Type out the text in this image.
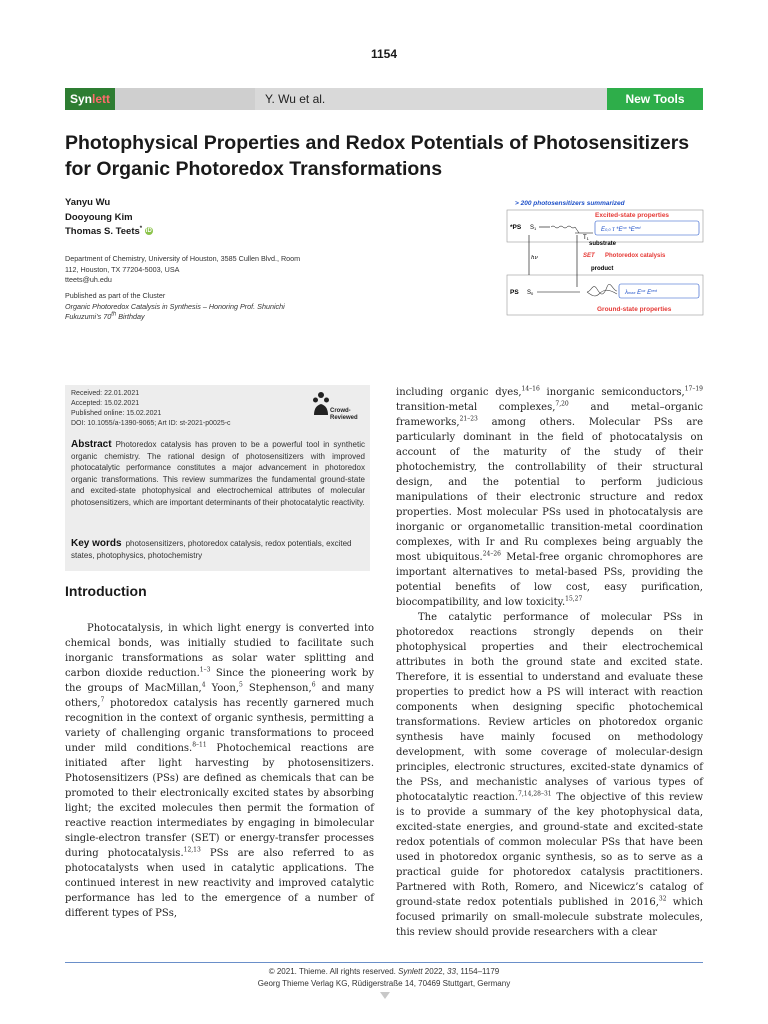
1154
Synlett	Y. Wu et al.	New Tools
Photophysical Properties and Redox Potentials of Photosensitizers for Organic Photoredox Transformations
Yanyu Wu
Dooyoung Kim
Thomas S. Teets* iD
Department of Chemistry, University of Houston, 3585 Cullen Blvd., Room 112, Houston, TX 77204-5003, USA
tteets@uh.edu
Published as part of the Cluster
Organic Photoredox Catalysis in Synthesis – Honoring Prof. Shunichi Fukuzumi’s 70th Birthday
> 200 photosensitizers summarized
Excited-state properties
*PS S1
T1
E0,0 τ $*E^{ox}$ $*E^{red}$
hν
substrate
SET Photoredox catalysis
product
PS S0	λmax $E^{ox}$ $E^{red}$
Ground-state properties
Received: 22.01.2021
Accepted: 15.02.2021
Published online: 15.02.2021
DOI: 10.1055/a-1390-9065; Art ID: st-2021-p0025-c
Crowd-Reviewed
Abstract Photoredox catalysis has proven to be a powerful tool in synthetic organic chemistry. The rational design of photosensitizers with improved photocatalytic performance constitutes a major advancement in photoredox organic transformations. This review summarizes the fundamental ground-state and excited-state photophysical and electrochemical attributes of molecular photosensitizers, which are important determinants of their photocatalytic reactivity.
Key words photosensitizers, photoredox catalysis, redox potentials, excited states, photophysics, photochemistry
Introduction

Photocatalysis, in which light energy is converted into chemical bonds, was initially studied to facilitate such inorganic transformations as solar water splitting and carbon dioxide reduction.$^{1-3}$ Since the pioneering work by the groups of MacMillan,$^4$ Yoon,$^5$ Stephenson,$^6$ and many others,$^7$ photoredox catalysis has recently garnered much recognition in the context of organic synthesis, permitting a variety of challenging organic transformations to proceed under mild conditions.$^{8-11}$ Photochemical reactions are initiated after light harvesting by photosensitizers. Photosensitizers (PSs) are defined as chemicals that can be promoted to their electronically excited states by absorbing light; the excited molecules then permit the formation of reactive reaction intermediates by engaging in bimolecular single-electron transfer (SET) or energy-transfer processes during photocatalysis.$^{12,13}$ PSs are also referred to as photocatalysts when used in catalytic applications. The continued interest in new reactivity and improved catalytic performance has led to the emergence of a number of different types of PSs,

including organic dyes,$^{14-16}$ inorganic semiconductors,$^{17-19}$ transition-metal complexes,$^{7,20}$ and metal–organic frameworks,$^{21-23}$ among others. Molecular PSs are particularly dominant in the field of photocatalysis on account of the maturity of the study of their photochemistry, the controllability of their structural design, and the potential to perform judicious manipulations of their electronic structure and redox properties. Most molecular PSs used in photocatalysis are inorganic or organometallic transition-metal coordination complexes, with Ir and Ru complexes being arguably the most ubiquitous.$^{24-26}$ Metal-free organic chromophores are important alternatives to metal-based PSs, providing the potential benefits of low cost, easy purification, biocompatibility, and low toxicity.$^{15,27}$

The catalytic performance of molecular PSs in photoredox reactions strongly depends on their photophysical properties and their electrochemical attributes in both the ground state and excited state. Therefore, it is essential to understand and evaluate these properties to predict how a PS will interact with reaction components when designing specific photochemical transformations. Review articles on photoredox organic synthesis have mainly focused on methodology development, with some coverage of molecular-design principles, electronic structures, excited-state dynamics of the PSs, and mechanistic analyses of various types of photocatalytic reaction.$^{7,14,28-31}$ The objective of this review is to provide a summary of the key photophysical data, excited-state energies, and ground-state and excited-state redox potentials of common molecular PSs that have been used in photoredox organic synthesis, so as to serve as a practical guide for photoredox catalysis practitioners. Partnered with Roth, Romero, and Nicewicz’s catalog of ground-state redox potentials published in 2016,32 which focused primarily on small-molecule substrate molecules, this review should provide researchers with a clear

© 2021. Thieme. All rights reserved. Synlett 2022, 33, 1154–1179
Georg Thieme Verlag KG, Rüdigerstraße 14, 70469 Stuttgart, Germany
